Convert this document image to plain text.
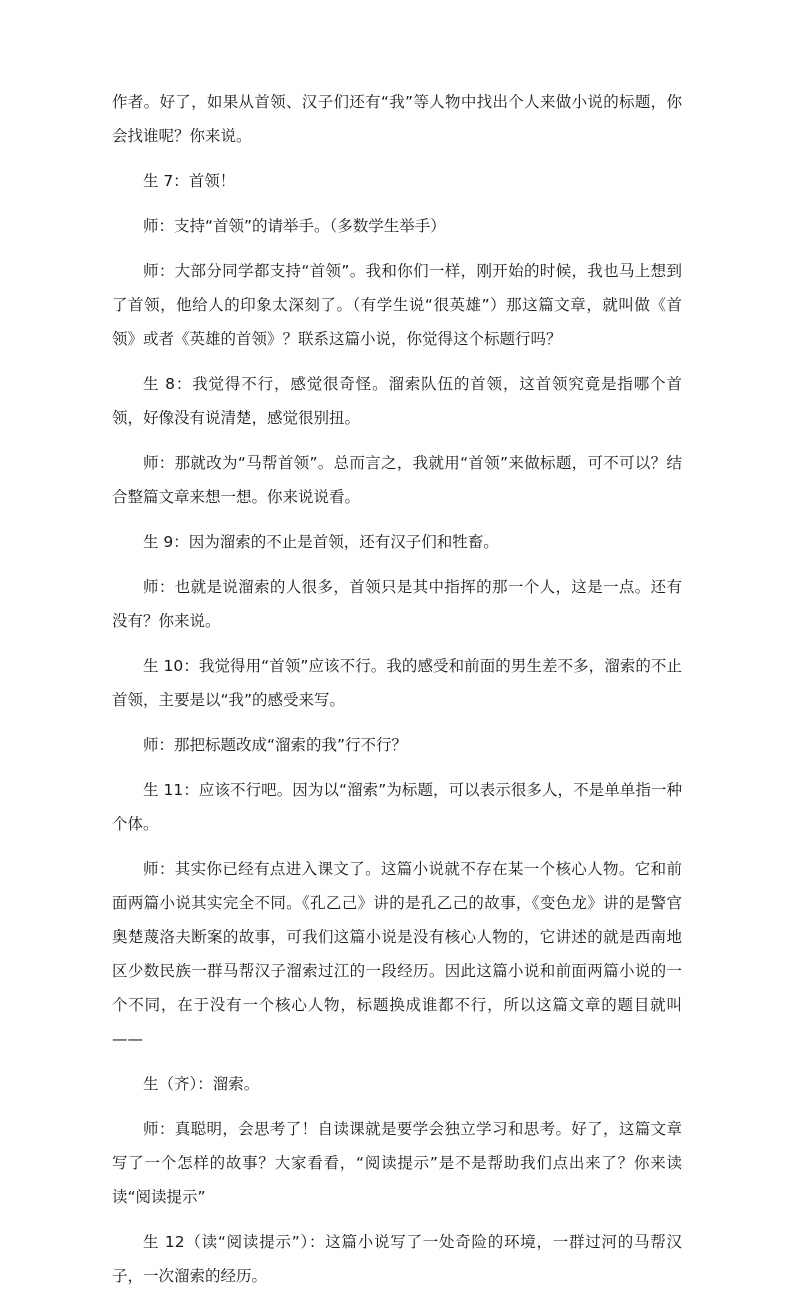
作者。好了，如果从首领、汉子们还有“我”等人物中找出个人来做小说的标题，你会找谁呢？你来说。

生 7：首领！

师：支持“首领”的请举手。（多数学生举手）

师：大部分同学都支持“首领”。我和你们一样，刚开始的时候，我也马上想到了首领，他给人的印象太深刻了。（有学生说“很英雄”）那这篇文章，就叫做《首领》或者《英雄的首领》？联系这篇小说，你觉得这个标题行吗？

生 8：我觉得不行，感觉很奇怪。溜索队伍的首领，这首领究竟是指哪个首领，好像没有说清楚，感觉很别扭。

师：那就改为“马帮首领”。总而言之，我就用“首领”来做标题，可不可以？结合整篇文章来想一想。你来说说看。

生 9：因为溜索的不止是首领，还有汉子们和牲畜。

师：也就是说溜索的人很多，首领只是其中指挥的那一个人，这是一点。还有没有？你来说。

生 10：我觉得用“首领”应该不行。我的感受和前面的男生差不多，溜索的不止首领，主要是以“我”的感受来写。

师：那把标题改成“溜索的我”行不行？

生 11：应该不行吧。因为以“溜索”为标题，可以表示很多人，不是单单指一种个体。

师：其实你已经有点进入课文了。这篇小说就不存在某一个核心人物。它和前面两篇小说其实完全不同。《孔乙己》讲的是孔乙己的故事，《变色龙》讲的是警官奥楚蔑洛夫断案的故事，可我们这篇小说是没有核心人物的，它讲述的就是西南地区少数民族一群马帮汉子溜索过江的一段经历。因此这篇小说和前面两篇小说的一个不同，在于没有一个核心人物，标题换成谁都不行，所以这篇文章的题目就叫——

生（齐）：溜索。

师：真聪明，会思考了！自读课就是要学会独立学习和思考。好了，这篇文章写了一个怎样的故事？大家看看，“阅读提示”是不是帮助我们点出来了？你来读读“阅读提示”

生 12（读“阅读提示”）：这篇小说写了一处奇险的环境，一群过河的马帮汉子，一次溜索的经历。
